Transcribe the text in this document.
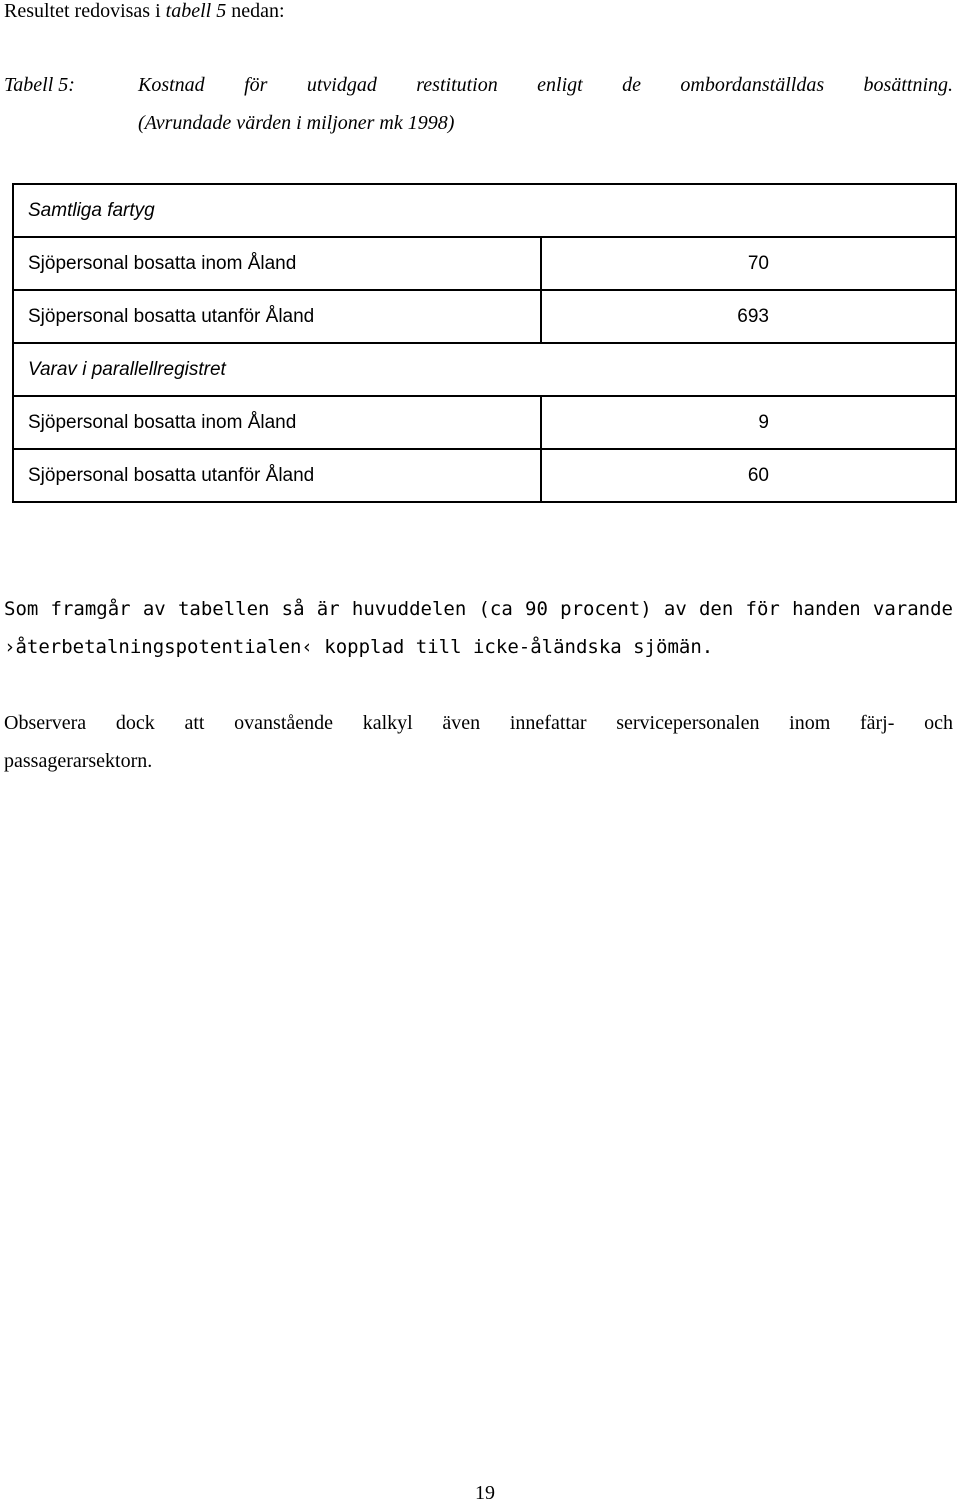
Resultet redovisas i tabell 5 nedan:
Tabell 5:	Kostnad för utvidgad restitution enligt de ombordanställdas bosättning.
(Avrundade värden i miljoner mk 1998)
Samtliga fartyg	
Sjöpersonal bosatta inom Åland	70
Sjöpersonal bosatta utanför Åland	693
Varav i parallellregistret	
Sjöpersonal bosatta inom Åland	9
Sjöpersonal bosatta utanför Åland	60
Som framgår av tabellen så är huvuddelen (ca 90 procent) av den för handen varande
›återbetalningspotentialen‹ kopplad till icke-åländska sjömän.
Observera dock att ovanstående kalkyl även innefattar servicepersonalen inom färj- och
passagerarsektorn.
19
